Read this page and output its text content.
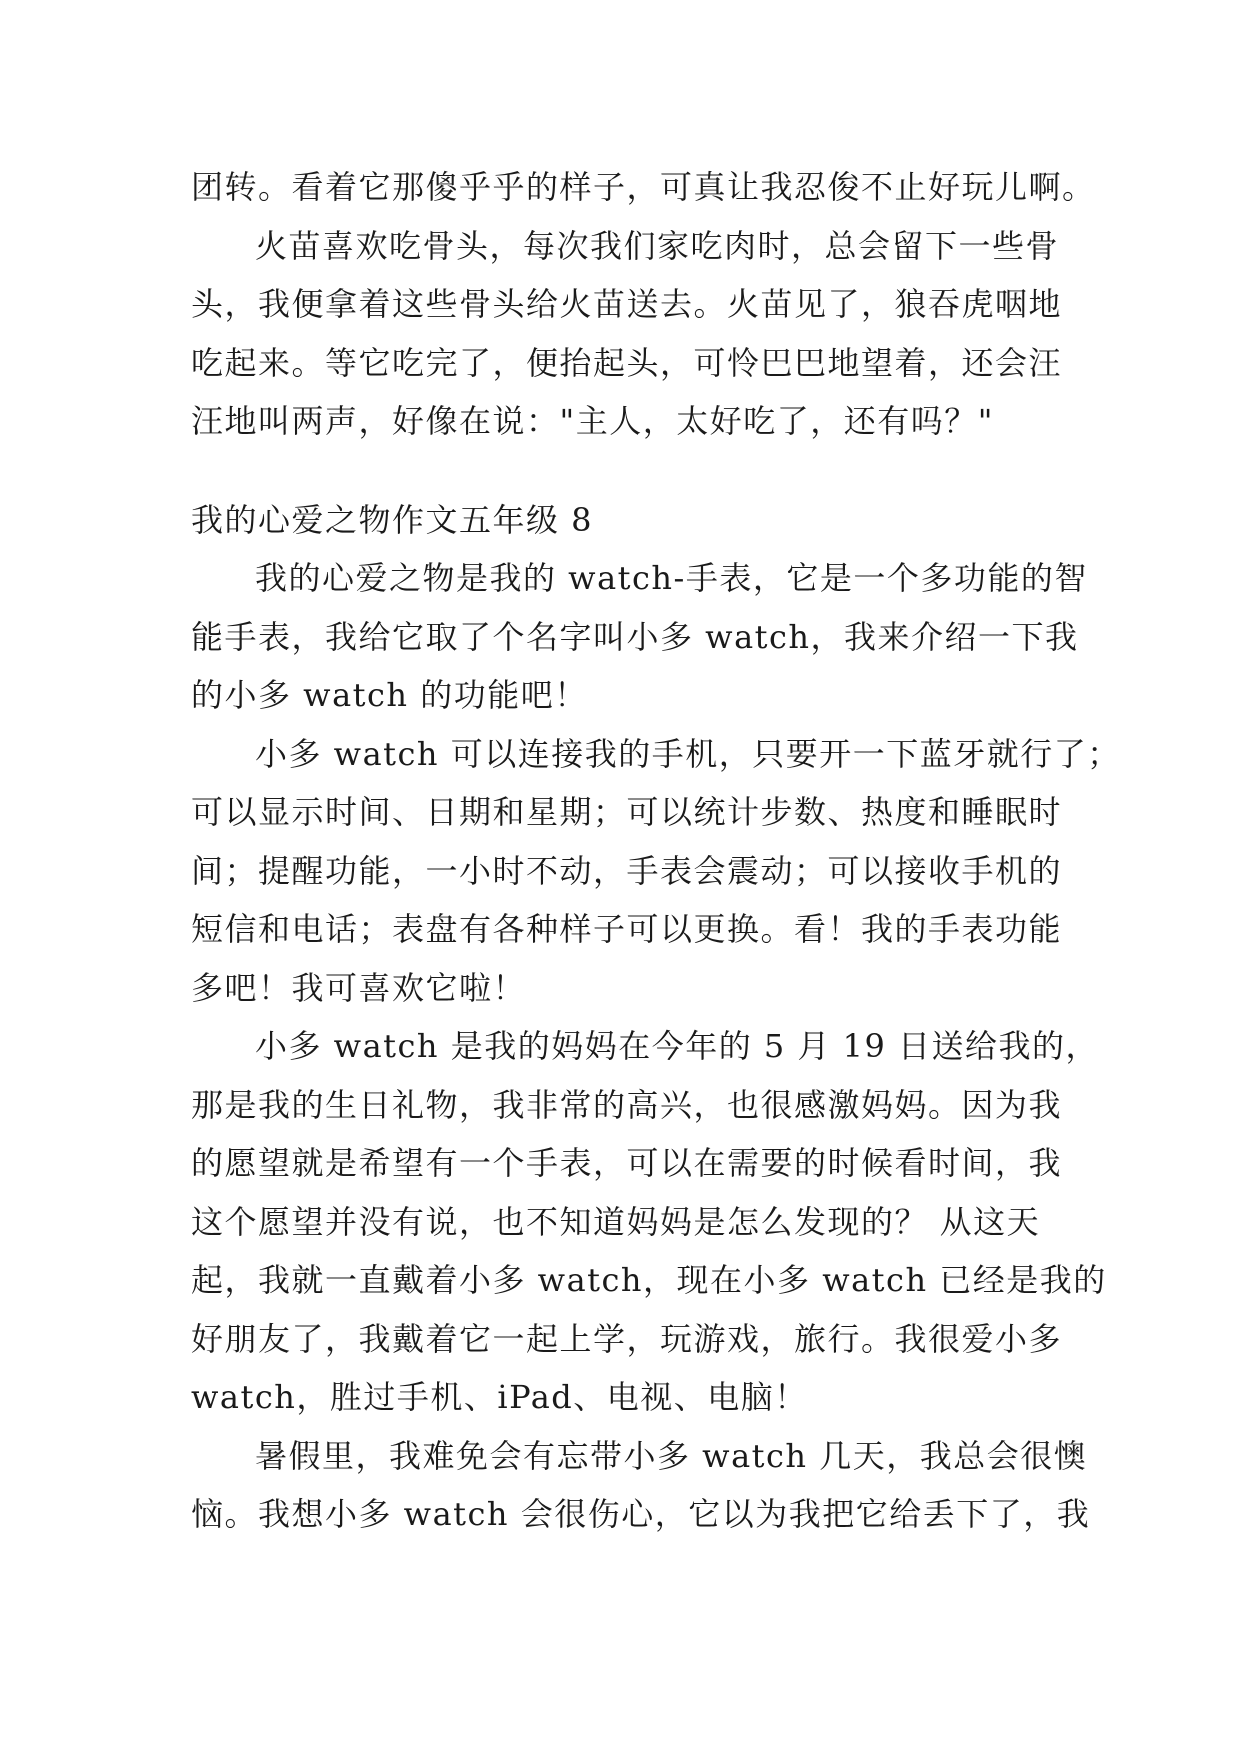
团转。看着它那傻乎乎的样子，可真让我忍俊不止好玩儿啊。
火苗喜欢吃骨头，每次我们家吃肉时，总会留下一些骨
头，我便拿着这些骨头给火苗送去。火苗见了，狼吞虎咽地
吃起来。等它吃完了，便抬起头，可怜巴巴地望着，还会汪
汪地叫两声，好像在说："主人，太好吃了，还有吗？"
我的心爱之物作文五年级 8
我的心爱之物是我的 watch-手表，它是一个多功能的智
能手表，我给它取了个名字叫小多 watch，我来介绍一下我
的小多 watch 的功能吧！
小多 watch 可以连接我的手机，只要开一下蓝牙就行了；
可以显示时间、日期和星期；可以统计步数、热度和睡眠时
间；提醒功能，一小时不动，手表会震动；可以接收手机的
短信和电话；表盘有各种样子可以更换。看！我的手表功能
多吧！我可喜欢它啦！
小多 watch 是我的妈妈在今年的 5 月 19 日送给我的，
那是我的生日礼物，我非常的高兴，也很感激妈妈。因为我
的愿望就是希望有一个手表，可以在需要的时候看时间，我
这个愿望并没有说，也不知道妈妈是怎么发现的？ 从这天
起，我就一直戴着小多 watch，现在小多 watch 已经是我的
好朋友了，我戴着它一起上学，玩游戏，旅行。我很爱小多
watch，胜过手机、iPad、电视、电脑！
暑假里，我难免会有忘带小多 watch 几天，我总会很懊
恼。我想小多 watch 会很伤心，它以为我把它给丢下了，我
